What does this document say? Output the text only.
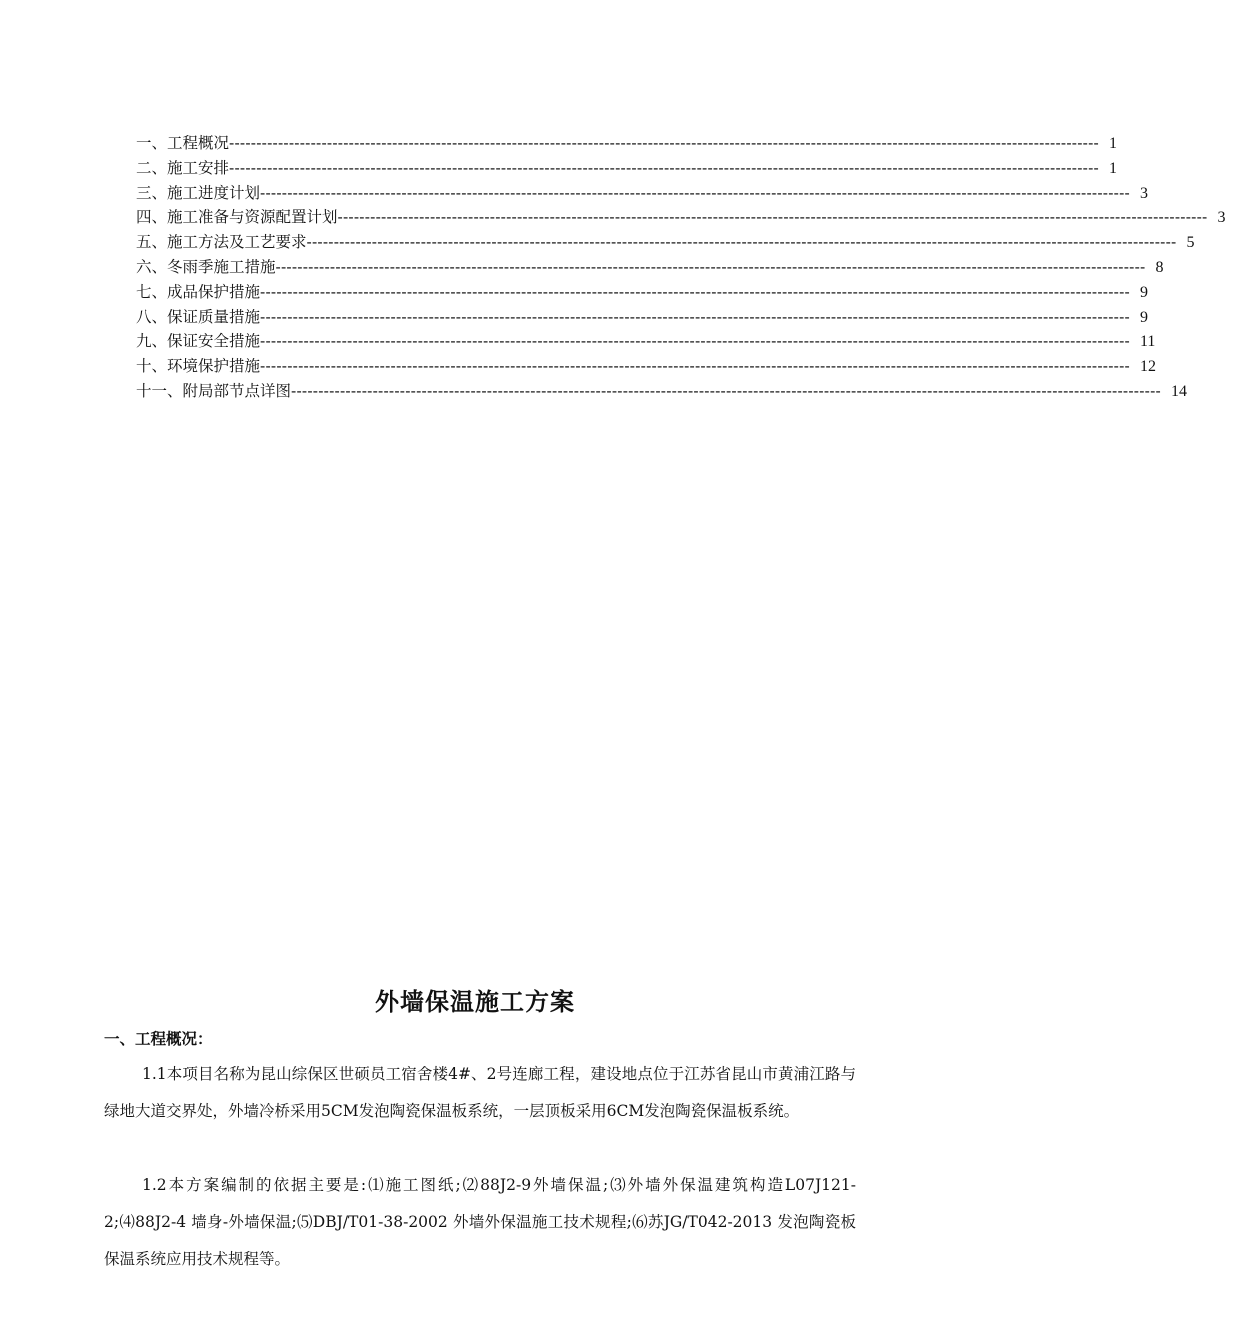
一、工程概况 ---------------------------------------------------------------------------------------------------------------------------------------------------------------- 1
二、施工安排 ---------------------------------------------------------------------------------------------------------------------------------------------------------------- 1
三、施工进度计划 ---------------------------------------------------------------------------------------------------------------------------------------------------------------- 3
四、施工准备与资源配置计划 ---------------------------------------------------------------------------------------------------------------------------------------------------------------- 3
五、施工方法及工艺要求 ---------------------------------------------------------------------------------------------------------------------------------------------------------------- 5
六、冬雨季施工措施 ---------------------------------------------------------------------------------------------------------------------------------------------------------------- 8
七、成品保护措施 ---------------------------------------------------------------------------------------------------------------------------------------------------------------- 9
八、保证质量措施 ---------------------------------------------------------------------------------------------------------------------------------------------------------------- 9
九、保证安全措施 ---------------------------------------------------------------------------------------------------------------------------------------------------------------- 11
十、环境保护措施 ---------------------------------------------------------------------------------------------------------------------------------------------------------------- 12
十一、附局部节点详图 ---------------------------------------------------------------------------------------------------------------------------------------------------------------- 14
外墙保温施工方案
一、工程概况：

1.1本项目名称为昆山综保区世硕员工宿舍楼4#、2号连廊工程，建设地点位于江苏省昆山市黄浦江路与绿地大道交界处，外墙冷桥采用5CM发泡陶瓷保温板系统，一层顶板采用6CM发泡陶瓷保温板系统。

1.2本方案编制的依据主要是:⑴施工图纸;⑵88J2-9外墙保温;⑶外墙外保温建筑构造L07J121-2;⑷88J2-4 墙身-外墙保温;⑸DBJ/T01-38-2002 外墙外保温施工技术规程;⑹苏JG/T042-2013 发泡陶瓷板保温系统应用技术规程等。
